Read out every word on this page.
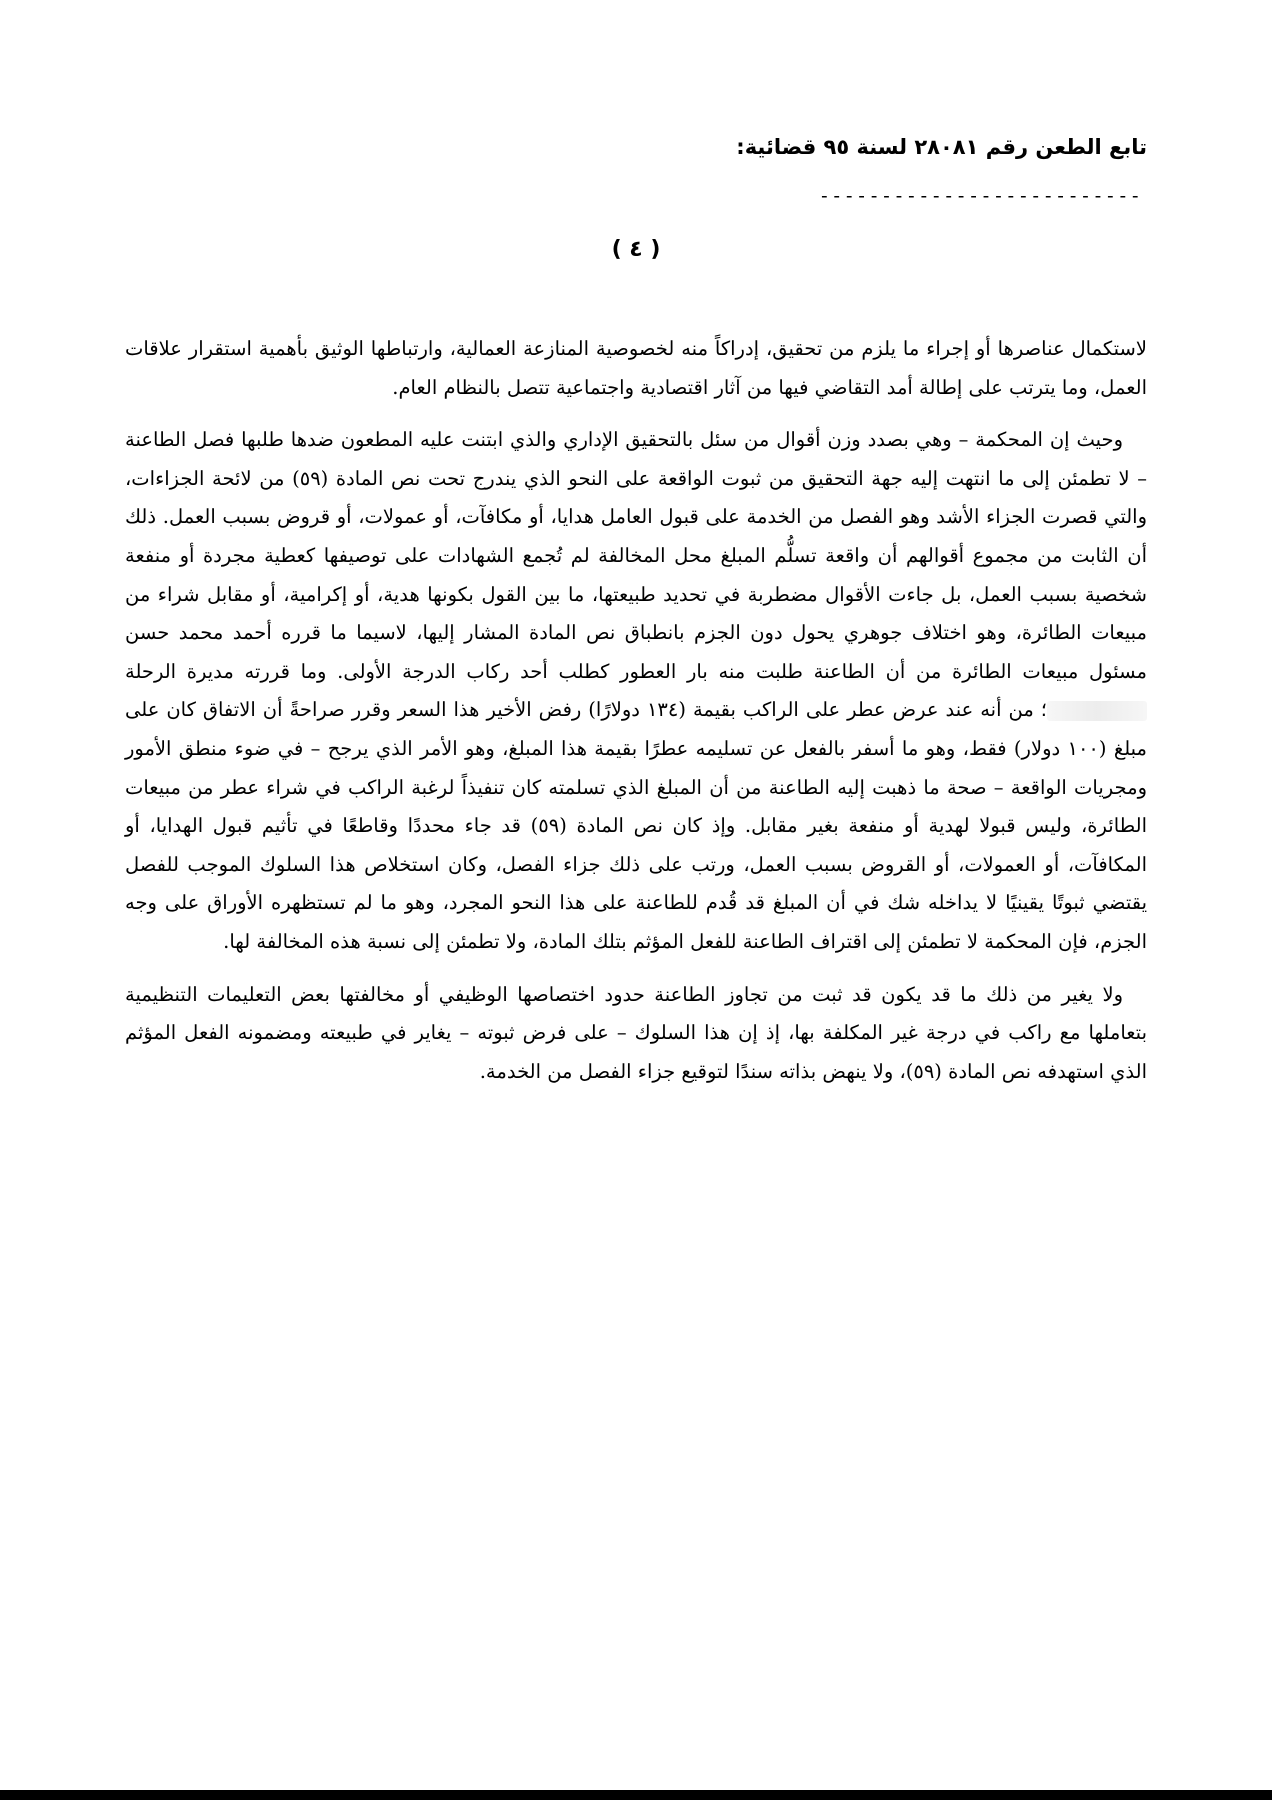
تابع الطعن رقم ٢٨٠٨١ لسنة ٩٥ قضائية:
--------------------------
( ٤ )

لاستكمال عناصرها أو إجراء ما يلزم من تحقيق، إدراكاً منه لخصوصية المنازعة العمالية، وارتباطها الوثيق بأهمية استقرار علاقات العمل، وما يترتب على إطالة أمد التقاضي فيها من آثار اقتصادية واجتماعية تتصل بالنظام العام.

وحيث إن المحكمة – وهي بصدد وزن أقوال من سئل بالتحقيق الإداري والذي ابتنت عليه المطعون ضدها طلبها فصل الطاعنة – لا تطمئن إلى ما انتهت إليه جهة التحقيق من ثبوت الواقعة على النحو الذي يندرج تحت نص المادة (٥٩) من لائحة الجزاءات، والتي قصرت الجزاء الأشد وهو الفصل من الخدمة على قبول العامل هدايا، أو مكافآت، أو عمولات، أو قروض بسبب العمل. ذلك أن الثابت من مجموع أقوالهم أن واقعة تسلُّم المبلغ محل المخالفة لم تُجمع الشهادات على توصيفها كعطية مجردة أو منفعة شخصية بسبب العمل، بل جاءت الأقوال مضطربة في تحديد طبيعتها، ما بين القول بكونها هدية، أو إكرامية، أو مقابل شراء من مبيعات الطائرة، وهو اختلاف جوهري يحول دون الجزم بانطباق نص المادة المشار إليها، لاسيما ما قرره أحمد محمد حسن مسئول مبيعات الطائرة من أن الطاعنة طلبت منه بار العطور كطلب أحد ركاب الدرجة الأولى. وما قررته مديرة الرحلة ؛ من أنه عند عرض عطر على الراكب بقيمة (١٣٤ دولارًا) رفض الأخير هذا السعر وقرر صراحةً أن الاتفاق كان على مبلغ (١٠٠ دولار) فقط، وهو ما أسفر بالفعل عن تسليمه عطرًا بقيمة هذا المبلغ، وهو الأمر الذي يرجح – في ضوء منطق الأمور ومجريات الواقعة – صحة ما ذهبت إليه الطاعنة من أن المبلغ الذي تسلمته كان تنفيذاً لرغبة الراكب في شراء عطر من مبيعات الطائرة، وليس قبولا لهدية أو منفعة بغير مقابل. وإذ كان نص المادة (٥٩) قد جاء محددًا وقاطعًا في تأثيم قبول الهدايا، أو المكافآت، أو العمولات، أو القروض بسبب العمل، ورتب على ذلك جزاء الفصل، وكان استخلاص هذا السلوك الموجب للفصل يقتضي ثبوتًا يقينيًا لا يداخله شك في أن المبلغ قد قُدم للطاعنة على هذا النحو المجرد، وهو ما لم تستظهره الأوراق على وجه الجزم، فإن المحكمة لا تطمئن إلى اقتراف الطاعنة للفعل المؤثم بتلك المادة، ولا تطمئن إلى نسبة هذه المخالفة لها.

ولا يغير من ذلك ما قد يكون قد ثبت من تجاوز الطاعنة حدود اختصاصها الوظيفي أو مخالفتها بعض التعليمات التنظيمية بتعاملها مع راكب في درجة غير المكلفة بها، إذ إن هذا السلوك – على فرض ثبوته – يغاير في طبيعته ومضمونه الفعل المؤثم الذي استهدفه نص المادة (٥٩)، ولا ينهض بذاته سندًا لتوقيع جزاء الفصل من الخدمة.
